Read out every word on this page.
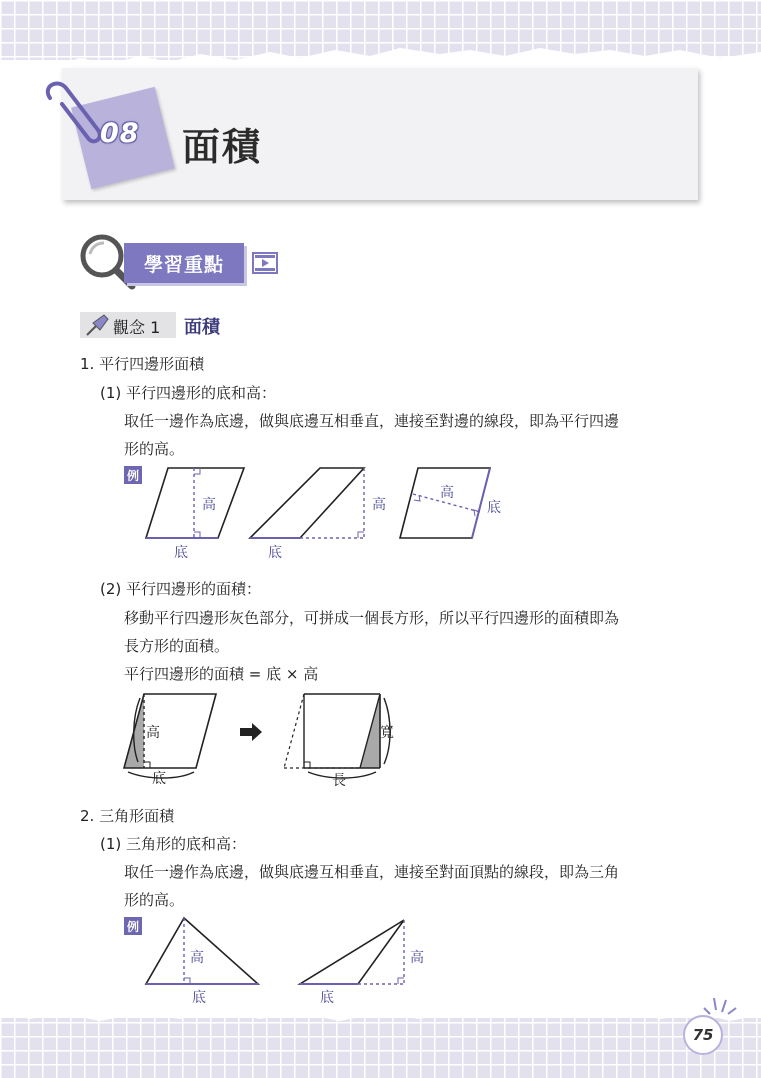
08	面積
學習重點
觀念 1 面積
1. 平行四邊形面積
(1) 平行四邊形的底和高：
取任一邊作為底邊，做與底邊互相垂直，連接至對邊的線段，即為平行四邊
形的高。
例
高
底
高
底
高
底
(2) 平行四邊形的面積：
移動平行四邊形灰色部分，可拼成一個長方形，所以平行四邊形的面積即為
長方形的面積。
平行四邊形的面積 = 底 × 高
高
底
寬
長
2. 三角形面積
(1) 三角形的底和高：
取任一邊作為底邊，做與底邊互相垂直，連接至對面頂點的線段，即為三角
形的高。
例
高
底
高
底
75
